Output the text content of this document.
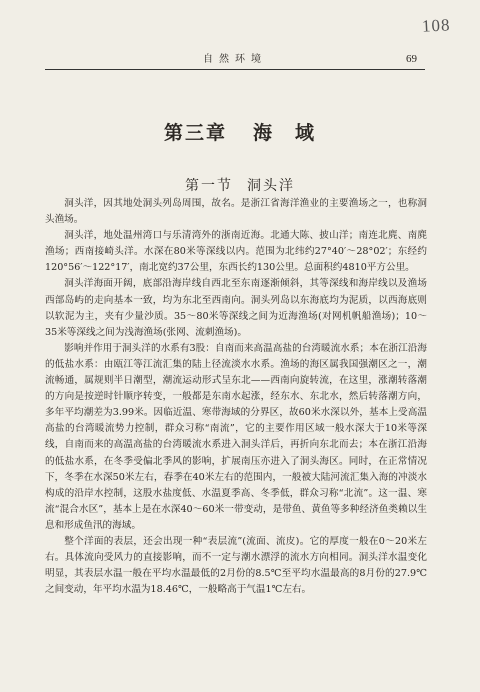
108
自然环境	69
第三章 海　域
第一节 洞头洋

洞头洋，因其地处洞头列岛周围，故名。是浙江省海洋渔业的主要渔场之一，也称洞头渔场。

洞头洋，地处温州湾口与乐清湾外的浙南近海。北通大陈、披山洋；南连北麂、南麂渔场；西南接崎头洋。水深在80米等深线以内。范围为北纬约27°40′～28°02′；东经约120°56′～122°17′，南北宽约37公里，东西长约130公里。总面积约4810平方公里。

洞头洋海面开阔，底部沿海岸线自西北至东南逐渐倾斜，其等深线和海岸线以及渔场西部岛屿的走向基本一致，均为东北至西南向。洞头列岛以东海底均为泥质，以西海底则以软泥为主，夹有少量沙质。35～80米等深线之间为近海渔场(对网机帆船渔场)；10～35米等深线之间为浅海渔场(张网、流刺渔场)。

影响并作用于洞头洋的水系有3股：自南而来高温高盐的台湾暖流水系；本在浙江沿海的低盐水系：由瓯江等江流汇集的陆上径流淡水水系。渔场的海区属我国强潮区之一，潮流畅通，属规则半日潮型，潮流运动形式呈东北——西南向旋转流，在这里，涨潮转落潮的方向是按逆时针顺序转变，一般都是东南水起涨，经东水、东北水，然后转落潮方向，多年平均潮差为3.99米。因临近温、寒带海域的分界区，故60米水深以外，基本上受高温高盐的台湾暖流势力控制，群众习称“南流”，它的主要作用区域一般水深大于10米等深线，自南而来的高温高盐的台湾暖流水系进入洞头洋后，再折向东北而去；本在浙江沿海的低盐水系，在冬季受偏北季风的影响，扩展南压亦进入了洞头海区。同时，在正常情况下，冬季在水深50米左右，春季在40米左右的范围内，一般被大陆河流汇集入海的冲淡水构成的沿岸水控制，这股水盐度低、水温夏季高、冬季低，群众习称“北流”。这一温、寒流“混合水区”，基本上是在水深40～60米一带变动，是带鱼、黄鱼等多种经济鱼类赖以生息和形成鱼汛的海域。

整个洋面的表层，还会出现一种“表层流”(流面、流皮)。它的厚度一般在0～20米左右。具体流向受风力的直接影响，而不一定与潮水漂浮的流水方向相同。洞头洋水温变化明显，其表层水温一般在平均水温最低的2月份的8.5℃至平均水温最高的8月份的27.9℃之间变动，年平均水温为18.46℃，一般略高于气温1℃左右。
